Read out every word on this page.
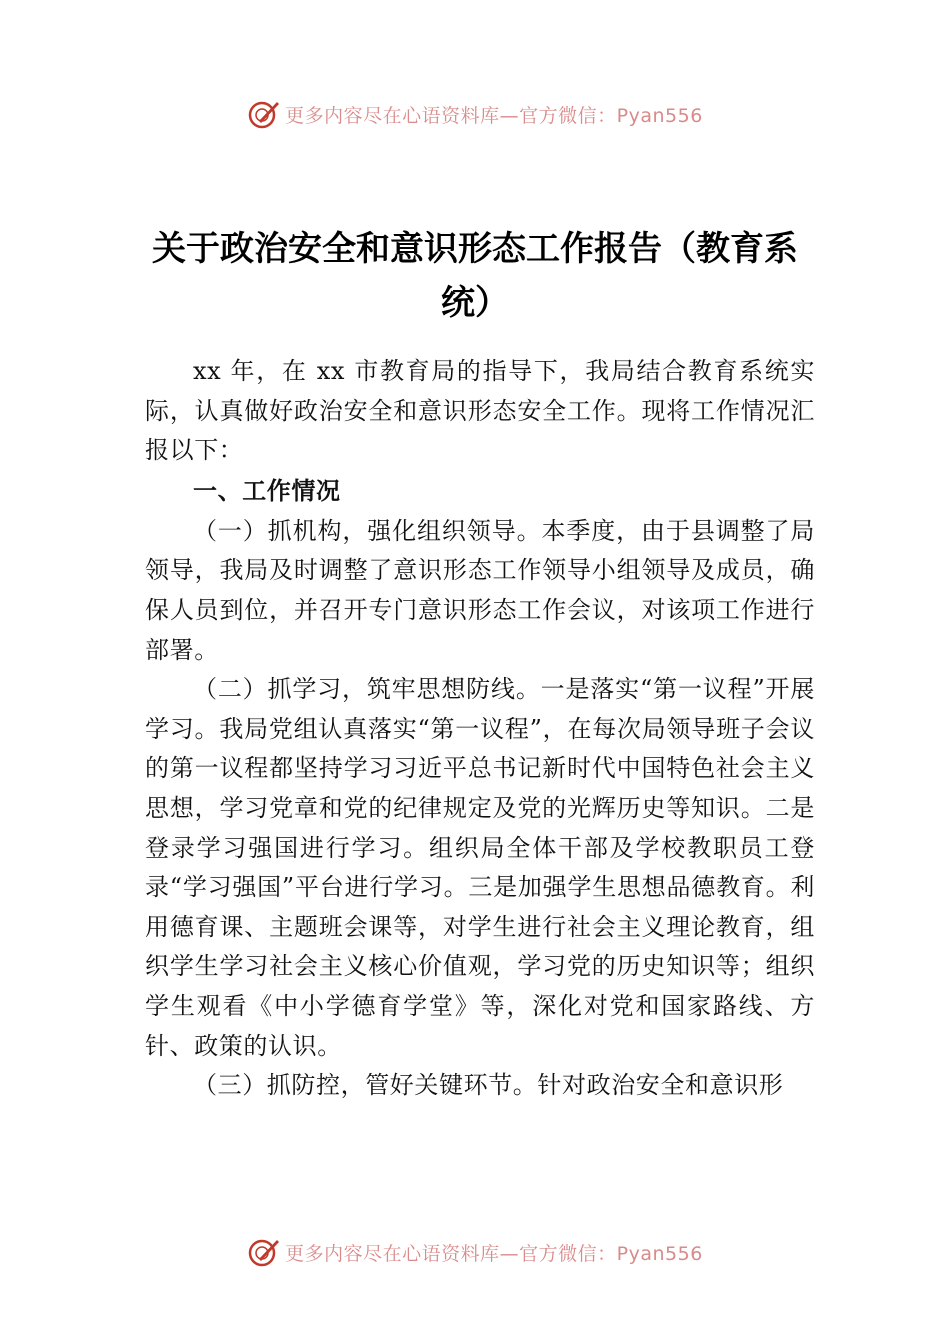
更多内容尽在心语资料库—官方微信：Pyan556
关于政治安全和意识形态工作报告（教育系统）

xx 年，在 xx 市教育局的指导下，我局结合教育系统实际，认真做好政治安全和意识形态安全工作。现将工作情况汇报以下：

一、工作情况

（一）抓机构，强化组织领导。本季度，由于县调整了局领导，我局及时调整了意识形态工作领导小组领导及成员，确保人员到位，并召开专门意识形态工作会议，对该项工作进行部署。

（二）抓学习，筑牢思想防线。一是落实“第一议程”开展学习。我局党组认真落实“第一议程”，在每次局领导班子会议的第一议程都坚持学习习近平总书记新时代中国特色社会主义思想，学习党章和党的纪律规定及党的光辉历史等知识。二是登录学习强国进行学习。组织局全体干部及学校教职员工登录“学习强国”平台进行学习。三是加强学生思想品德教育。利用德育课、主题班会课等，对学生进行社会主义理论教育，组织学生学习社会主义核心价值观，学习党的历史知识等；组织学生观看《中小学德育学堂》等，深化对党和国家路线、方针、政策的认识。

（三）抓防控，管好关键环节。针对政治安全和意识形

更多内容尽在心语资料库—官方微信：Pyan556
